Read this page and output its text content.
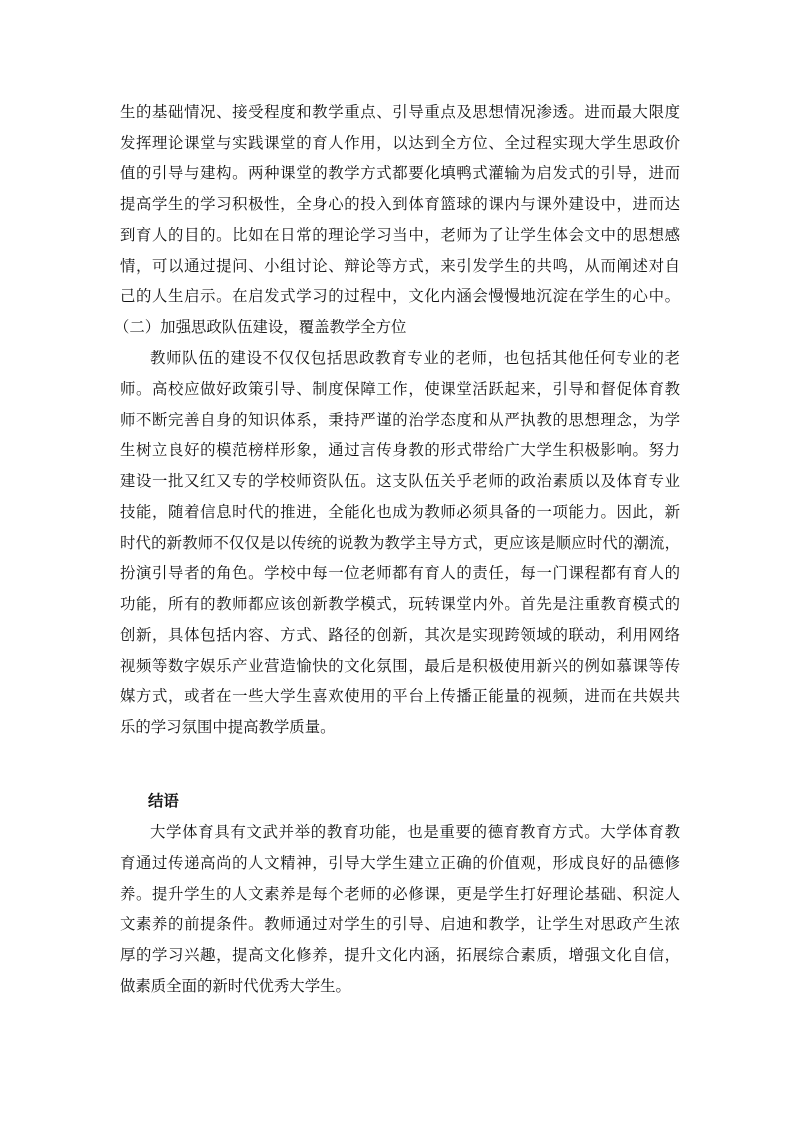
生的基础情况、接受程度和教学重点、引导重点及思想情况渗透。进而最大限度
发挥理论课堂与实践课堂的育人作用，以达到全方位、全过程实现大学生思政价
值的引导与建构。两种课堂的教学方式都要化填鸭式灌输为启发式的引导，进而
提高学生的学习积极性，全身心的投入到体育篮球的课内与课外建设中，进而达
到育人的目的。比如在日常的理论学习当中，老师为了让学生体会文中的思想感
情，可以通过提问、小组讨论、辩论等方式，来引发学生的共鸣，从而阐述对自
己的人生启示。在启发式学习的过程中，文化内涵会慢慢地沉淀在学生的心中。
（二）加强思政队伍建设，覆盖教学全方位
教师队伍的建设不仅仅包括思政教育专业的老师，也包括其他任何专业的老
师。高校应做好政策引导、制度保障工作，使课堂活跃起来，引导和督促体育教
师不断完善自身的知识体系，秉持严谨的治学态度和从严执教的思想理念，为学
生树立良好的模范榜样形象，通过言传身教的形式带给广大学生积极影响。努力
建设一批又红又专的学校师资队伍。这支队伍关乎老师的政治素质以及体育专业
技能，随着信息时代的推进，全能化也成为教师必须具备的一项能力。因此，新
时代的新教师不仅仅是以传统的说教为教学主导方式，更应该是顺应时代的潮流，
扮演引导者的角色。学校中每一位老师都有育人的责任，每一门课程都有育人的
功能，所有的教师都应该创新教学模式，玩转课堂内外。首先是注重教育模式的
创新，具体包括内容、方式、路径的创新，其次是实现跨领域的联动，利用网络
视频等数字娱乐产业营造愉快的文化氛围，最后是积极使用新兴的例如慕课等传
媒方式，或者在一些大学生喜欢使用的平台上传播正能量的视频，进而在共娱共
乐的学习氛围中提高教学质量。
结语
大学体育具有文武并举的教育功能，也是重要的德育教育方式。大学体育教
育通过传递高尚的人文精神，引导大学生建立正确的价值观，形成良好的品德修
养。提升学生的人文素养是每个老师的必修课，更是学生打好理论基础、积淀人
文素养的前提条件。教师通过对学生的引导、启迪和教学，让学生对思政产生浓
厚的学习兴趣，提高文化修养，提升文化内涵，拓展综合素质，增强文化自信，
做素质全面的新时代优秀大学生。
